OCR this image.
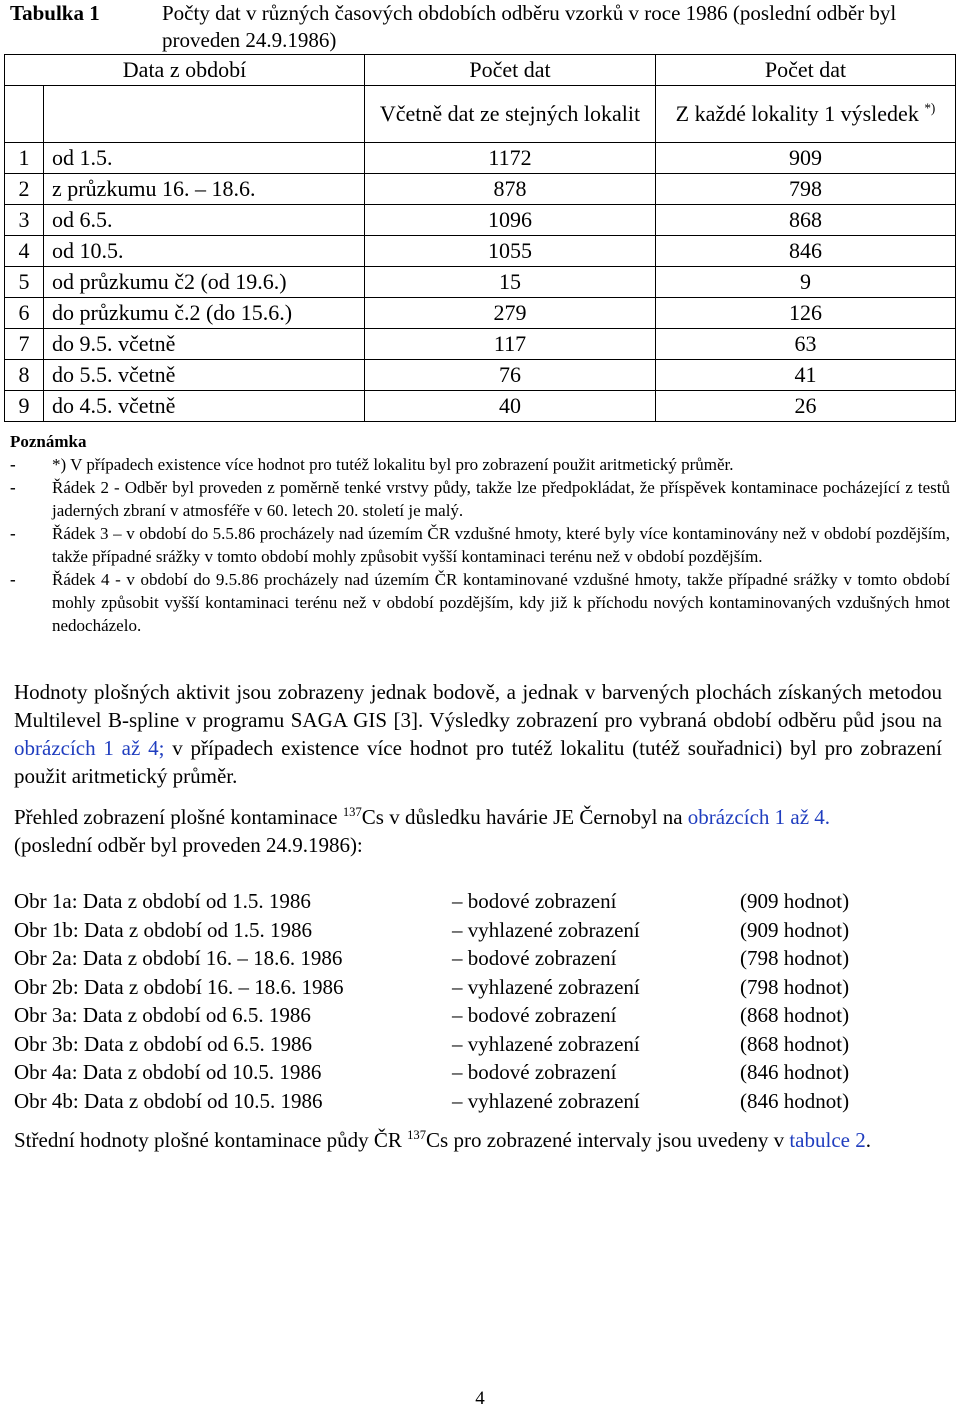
Tabulka 1	Počty dat v různých časových obdobích odběru vzorků v roce 1986 (poslední odběr byl proveden 24.9.1986)
Data z období		Počet dat	Počet dat
		Včetně dat ze stejných lokalit	Z každé lokality 1 výsledek *)
1	od 1.5.	1172	909
2	z průzkumu 16. – 18.6.	878	798
3	od 6.5.	1096	868
4	od 10.5.	1055	846
5	od průzkumu č2 (od 19.6.)	15	9
6	do průzkumu č.2 (do 15.6.)	279	126
7	do 9.5. včetně	117	63
8	do 5.5. včetně	76	41
9	do 4.5. včetně	40	26
Poznámka
- *) V případech existence více hodnot pro tutéž lokalitu byl pro zobrazení použit aritmetický průměr.
- Řádek 2 - Odběr byl proveden z poměrně tenké vrstvy půdy, takže lze předpokládat, že příspěvek kontaminace pocházející z testů jaderných zbraní v atmosféře v 60. letech 20. století je malý.
- Řádek 3 – v období do 5.5.86 procházely nad územím ČR vzdušné hmoty, které byly více kontaminovány než v období pozdějším, takže případné srážky v tomto období mohly způsobit vyšší kontaminaci terénu než v období pozdějším.
- Řádek 4 - v období do 9.5.86 procházely nad územím ČR kontaminované vzdušné hmoty, takže případné srážky v tomto období mohly způsobit vyšší kontaminaci terénu než v období pozdějším, kdy již k příchodu nových kontaminovaných vzdušných hmot nedocházelo.
Hodnoty plošných aktivit jsou zobrazeny jednak bodově, a jednak v barvených plochách získaných metodou Multilevel B-spline v programu SAGA GIS [3]. Výsledky zobrazení pro vybraná období odběru půd jsou na obrázcích 1 až 4; v případech existence více hodnot pro tutéž lokalitu (tutéž souřadnici) byl pro zobrazení použit aritmetický průměr.
Přehled zobrazení plošné kontaminace $^{137}$Cs v důsledku havárie JE Černobyl na obrázcích 1 až 4.
(poslední odběr byl proveden 24.9.1986):
Obr 1a: Data z období od 1.5. 1986	– bodové zobrazení	(909 hodnot)
Obr 1b: Data z období od 1.5. 1986	– vyhlazené zobrazení	(909 hodnot)
Obr 2a: Data z období 16. – 18.6. 1986	– bodové zobrazení	(798 hodnot)
Obr 2b: Data z období 16. – 18.6. 1986	– vyhlazené zobrazení	(798 hodnot)
Obr 3a: Data z období od 6.5. 1986	– bodové zobrazení	(868 hodnot)
Obr 3b: Data z období od 6.5. 1986	– vyhlazené zobrazení	(868 hodnot)
Obr 4a: Data z období od 10.5. 1986	– bodové zobrazení	(846 hodnot)
Obr 4b: Data z období od 10.5. 1986	– vyhlazené zobrazení	(846 hodnot)
Střední hodnoty plošné kontaminace půdy ČR $^{137}$Cs pro zobrazené intervaly jsou uvedeny v tabulce 2.
4
